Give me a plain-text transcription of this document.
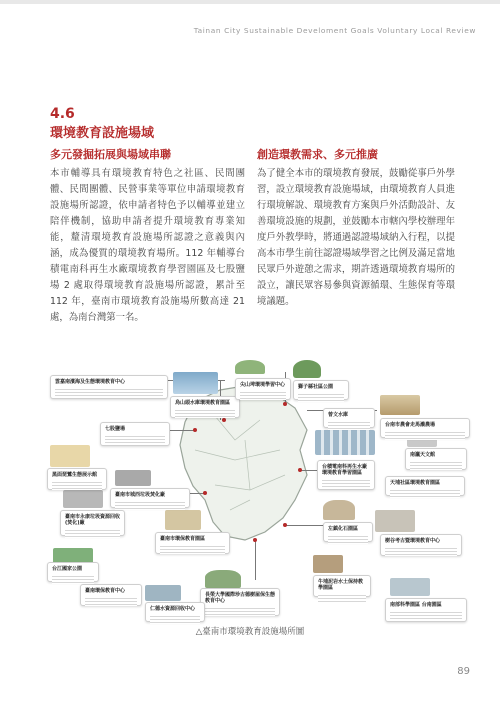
Tainan City Sustainable Develoment Goals Voluntary Local Review
4.6
環境教育設施場域
多元發掘拓展與場域串聯
本市輔導具有環境教育特色之社區、民間團體、民間團體、民營事業等單位申請環境教育設施場所認證，依申請者特色予以輔導並建立陪伴機制，協助申請者提升環境教育專業知能，釐清環境教育設施場所認證之意義與內涵，成為優質的環境教育場所。112 年輔導台積電南科再生水廠環境教育學習園區及七股鹽場 2 處取得環境教育設施場所認證，累計至 112 年，臺南市環境教育設施場所數高達 21 處，為南台灣第一名。
創造環教需求、多元推廣
為了健全本市的環境教育發展，鼓勵從事戶外學習，設立環境教育設施場域，由環境教育人員進行環境解說、環境教育方案與戶外活動設計、友善環境設施的規劃，並鼓勵本市轄內學校辦理年度戶外教學時，將通過認證場域納入行程，以提高本市學生前往認證場域學習之比例及滿足當地民眾戶外遊憩之需求，期許透過環境教育場所的設立，讓民眾容易參與資源循環、生態保育等環境議題。
雲嘉南濱海及生態環境教育中心
烏山頭水庫環境教育園區
尖山埤環境學習中心	獅子縣社區公園
七股鹽場
曾文水庫
台南市農會走馬瀨農場
黑面琵鷺生態展示館
臺南市城西垃圾焚化廠
台積電南科再生水廠環境教育學習園區
南瀛天文館
臺南市永康垃圾資源回收(焚化)廠
天埔社區環境教育園區
臺南市環保教育園區
左鎮化石園區
樹谷考古暨環境教育中心
台江國家公園
長榮大學國際珍古德樹屋保生態教育中心
牛埔泥岩水土保持教學園區
臺南環保教育中心
仁德水資源回收中心
南部科學園區 台南園區
△臺南市環境教育設施場所圖
89
